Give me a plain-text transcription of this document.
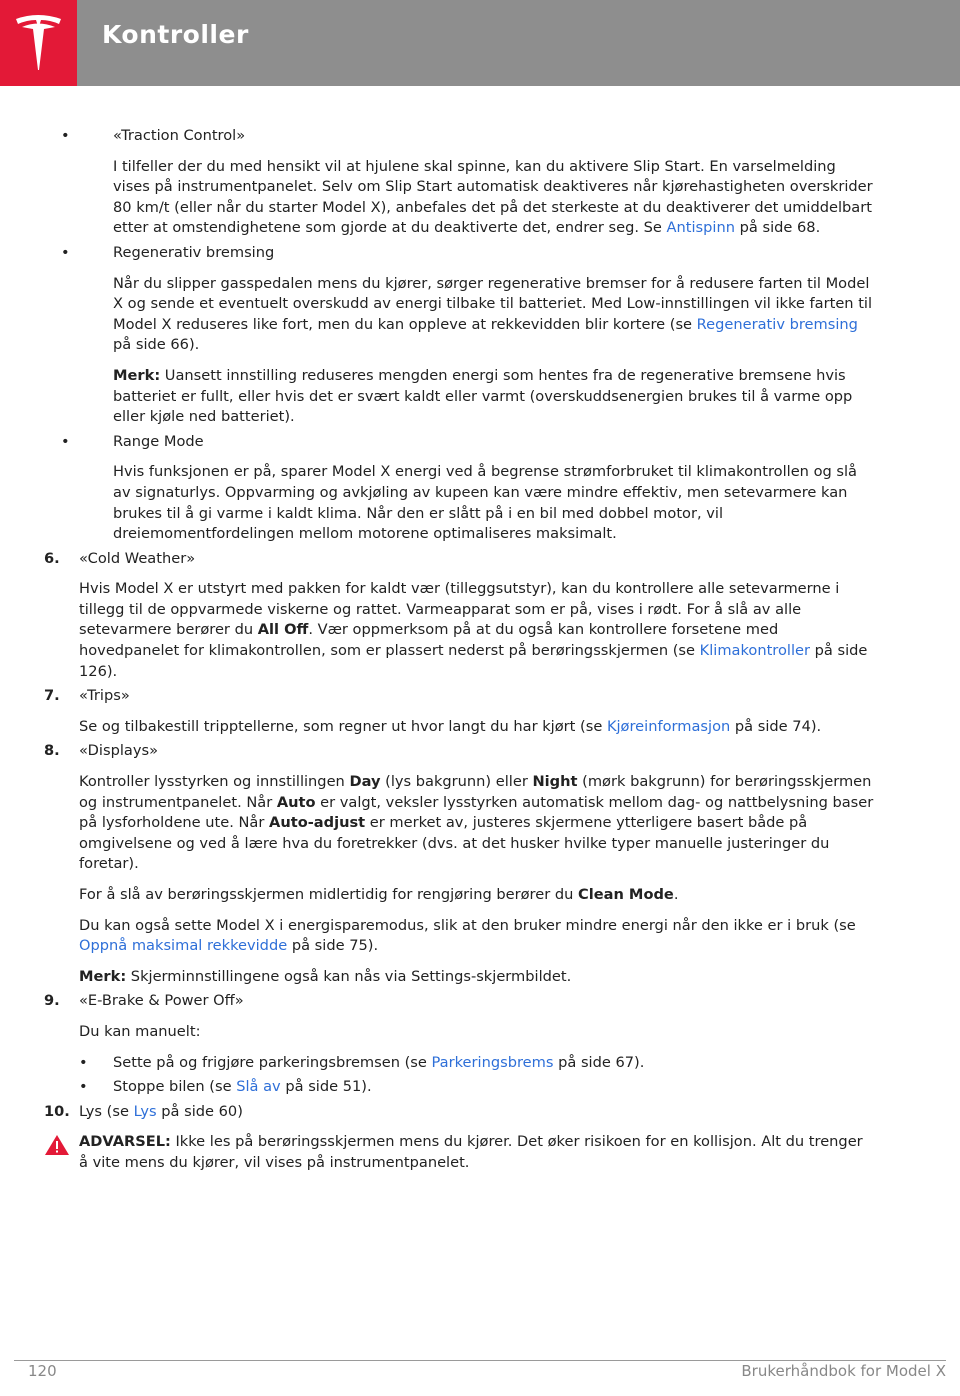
Kontroller
•	«Traction Control»

I tilfeller der du med hensikt vil at hjulene skal spinne, kan du aktivere Slip Start. En varselmelding vises på instrumentpanelet. Selv om Slip Start automatisk deaktiveres når kjørehastigheten overskrider 80 km/t (eller når du starter Model X), anbefales det på det sterkeste at du deaktiverer det umiddelbart etter at omstendighetene som gjorde at du deaktiverte det, endrer seg. Se Antispinn på side 68.

•	Regenerativ bremsing

Når du slipper gasspedalen mens du kjører, sørger regenerative bremser for å redusere farten til Model X og sende et eventuelt overskudd av energi tilbake til batteriet. Med Low-innstillingen vil ikke farten til Model X reduseres like fort, men du kan oppleve at rekkevidden blir kortere (se Regenerativ bremsing på side 66).

Merk: Uansett innstilling reduseres mengden energi som hentes fra de regenerative bremsene hvis batteriet er fullt, eller hvis det er svært kaldt eller varmt (overskuddsenergien brukes til å varme opp eller kjøle ned batteriet).

•	Range Mode

Hvis funksjonen er på, sparer Model X energi ved å begrense strømforbruket til klimakontrollen og slå av signaturlys. Oppvarming og avkjøling av kupeen kan være mindre effektiv, men setevarmere kan brukes til å gi varme i kaldt klima. Når den er slått på i en bil med dobbel motor, vil dreiemomentfordelingen mellom motorene optimaliseres maksimalt.

6.	«Cold Weather»

Hvis Model X er utstyrt med pakken for kaldt vær (tilleggsutstyr), kan du kontrollere alle setevarmerne i tillegg til de oppvarmede viskerne og rattet. Varmeapparat som er på, vises i rødt. For å slå av alle setevarmere berører du All Off. Vær oppmerksom på at du også kan kontrollere forsetene med hovedpanelet for klimakontrollen, som er plassert nederst på berøringsskjermen (se Klimakontroller på side 126).

7.	«Trips»

Se og tilbakestill tripptellerne, som regner ut hvor langt du har kjørt (se Kjøreinformasjon på side 74).

8.	«Displays»

Kontroller lysstyrken og innstillingen Day (lys bakgrunn) eller Night (mørk bakgrunn) for berøringsskjermen og instrumentpanelet. Når Auto er valgt, veksler lysstyrken automatisk mellom dag- og nattbelysning baser på lysforholdene ute. Når Auto-adjust er merket av, justeres skjermene ytterligere basert både på omgivelsene og ved å lære hva du foretrekker (dvs. at det husker hvilke typer manuelle justeringer du foretar).

For å slå av berøringsskjermen midlertidig for rengjøring berører du Clean Mode.

Du kan også sette Model X i energisparemodus, slik at den bruker mindre energi når den ikke er i bruk (se Oppnå maksimal rekkevidde på side 75).

Merk: Skjerminnstillingene også kan nås via Settings-skjermbildet.

9.	«E-Brake & Power Off»

Du kan manuelt:

•	Sette på og frigjøre parkeringsbremsen (se Parkeringsbrems på side 67).
•	Stoppe bilen (se Slå av på side 51).
10. Lys (se Lys på side 60)

ADVARSEL: Ikke les på berøringsskjermen mens du kjører. Det øker risikoen for en kollisjon. Alt du trenger å vite mens du kjører, vil vises på instrumentpanelet.

120	Brukerhåndbok for Model X
